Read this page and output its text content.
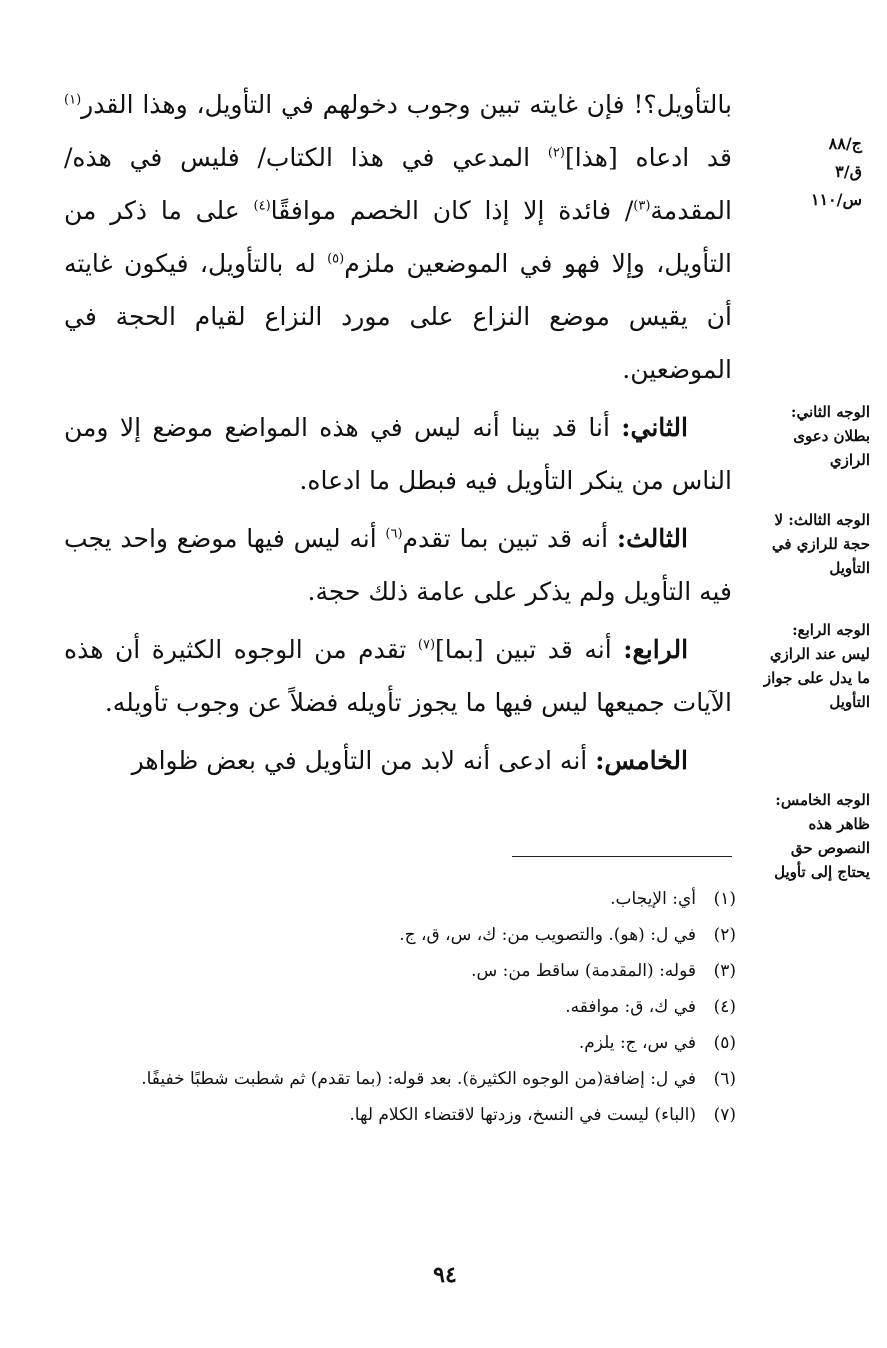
ج/٨٨
ق/٣
س/١١٠

بالتأويل؟! فإن غايته تبين وجوب دخولهم في التأويل، وهذا القدر$^{(١)}$ قد ادعاه [هذا]$^{(٢)}$ المدعي في هذا الكتاب/ فليس في هذه/ المقدمة$^{(٣)}$/ فائدة إلا إذا كان الخصم موافقًا$^{(٤)}$ على ما ذكر من التأويل، وإلا فهو في الموضعين ملزم$^{(٥)}$ له بالتأويل، فيكون غايته أن يقيس موضع النزاع على مورد النزاع لقيام الحجة في الموضعين.

الثاني: أنا قد بينا أنه ليس في هذه المواضع موضع إلا ومن الناس من ينكر التأويل فيه فبطل ما ادعاه.

الثالث: أنه قد تبين بما تقدم$^{(٦)}$ أنه ليس فيها موضع واحد يجب فيه التأويل ولم يذكر على عامة ذلك حجة.

الرابع: أنه قد تبين [بما]$^{(٧)}$ تقدم من الوجوه الكثيرة أن هذه الآيات جميعها ليس فيها ما يجوز تأويله فضلاً عن وجوب تأويله.

الخامس: أنه ادعى أنه لابد من التأويل في بعض ظواهر

الوجه الثاني: بطلان دعوى الرازي
الوجه الثالث: لا حجة للرازي في التأويل
الوجه الرابع: ليس عند الرازي ما يدل على جواز التأويل
الوجه الخامس: ظاهر هذه النصوص حق يحتاج إلى تأويل
(١)
أي: الإيجاب.
(٢)
في ل: (هو). والتصويب من: ك، س، ق، ج.
(٣)
قوله: (المقدمة) ساقط من: س.
(٤)
في ك، ق: موافقه.
(٥)
في س، ج: يلزم.
(٦)
في ل: إضافة(من الوجوه الكثيرة). بعد قوله: (بما تقدم) ثم شطبت شطبًا خفيفًا.
(٧)
(الباء) ليست في النسخ، وزدتها لاقتضاء الكلام لها.
٩٤
